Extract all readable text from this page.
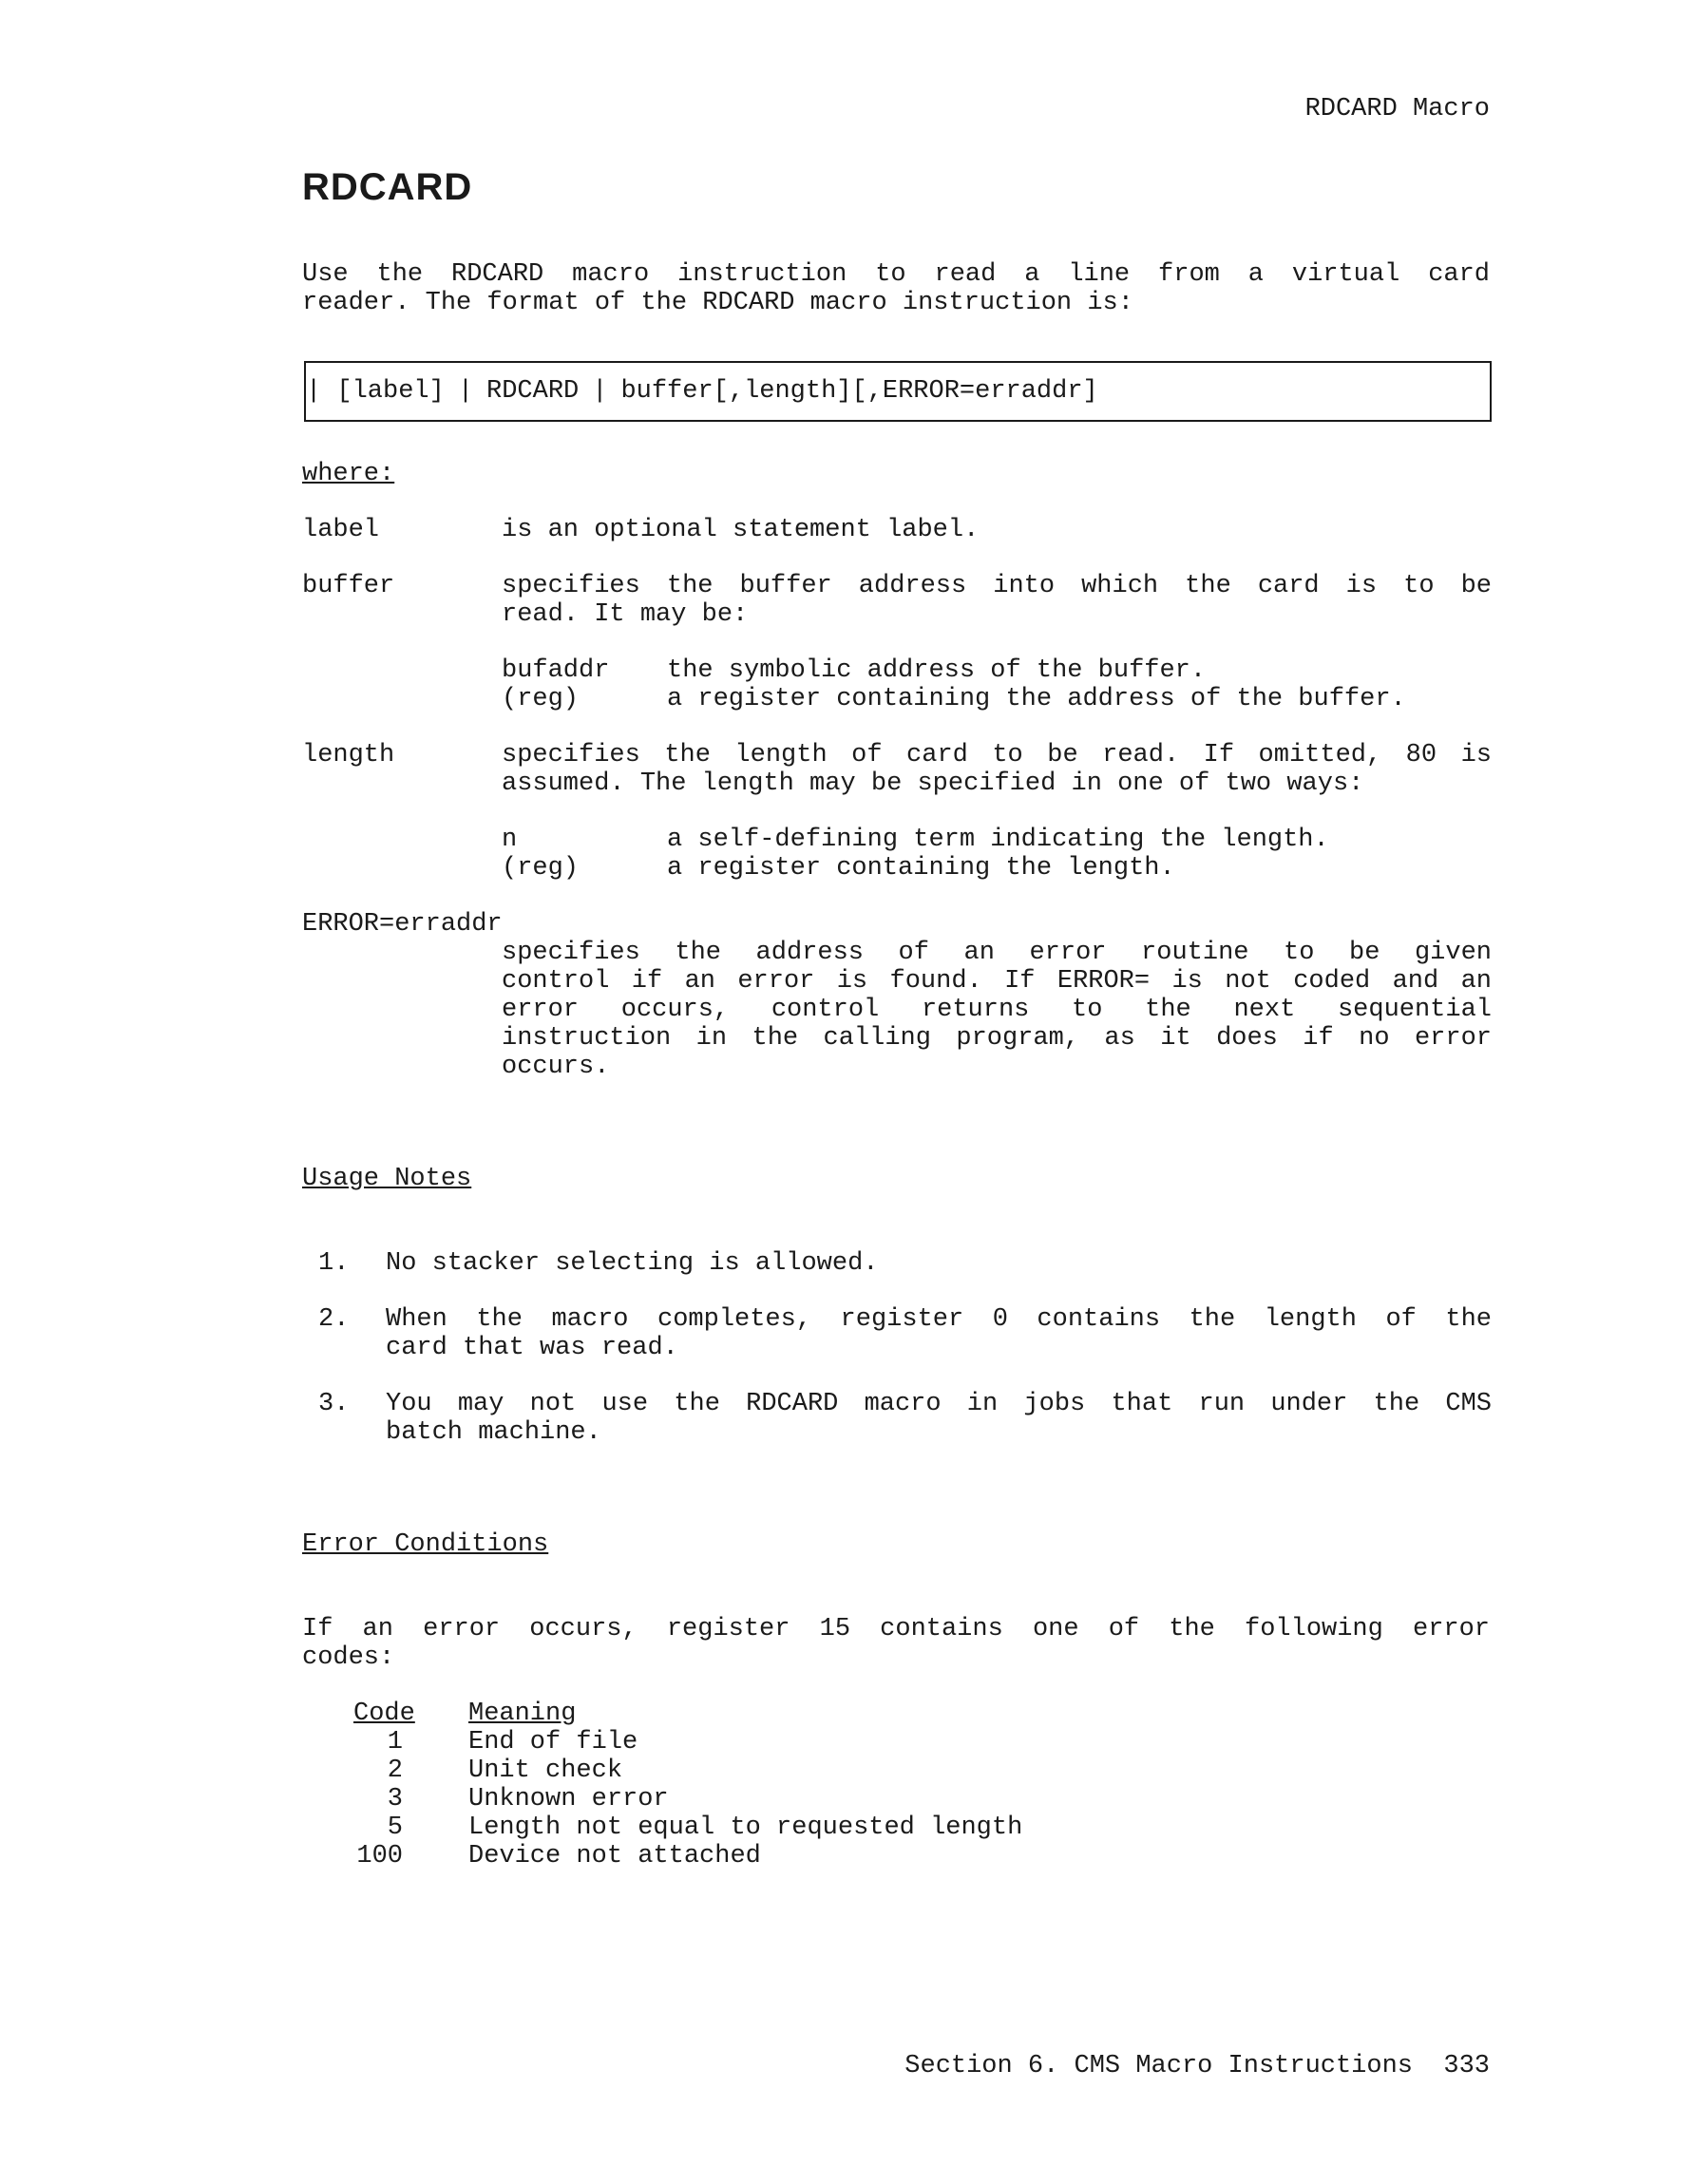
RDCARD Macro
RDCARD
Use the RDCARD macro instruction to read a line from a virtual card
reader. The format of the RDCARD macro instruction is:
| [label] | RDCARD | buffer[,length][,ERROR=erraddr]
where:
label	is an optional statement label.
buffer	specifies the buffer address into which the card is to be
read. It may be:
bufaddr the symbolic address of the buffer.
(reg)	a register containing the address of the buffer.
length	specifies the length of card to be read. If omitted, 80 is
assumed. The length may be specified in one of two ways:
n	a self-defining term indicating the length.
(reg)	a register containing the length.
ERROR=erraddr
specifies the address of an error routine to be given
control if an error is found. If ERROR= is not coded and an
error occurs, control returns to the next sequential
instruction in the calling program, as it does if no error
occurs.
Usage Notes
1. No stacker selecting is allowed.
2. When the macro completes, register 0 contains the length of the
card that was read.
3. You may not use the RDCARD macro in jobs that run under the CMS
batch machine.
Error Conditions
If an error occurs, register 15 contains one of the following error
codes:
Code Meaning
1	End of file
2	Unit check
3	Unknown error
5	Length not equal to requested length
100	Device not attached
Section 6. CMS Macro Instructions 333
